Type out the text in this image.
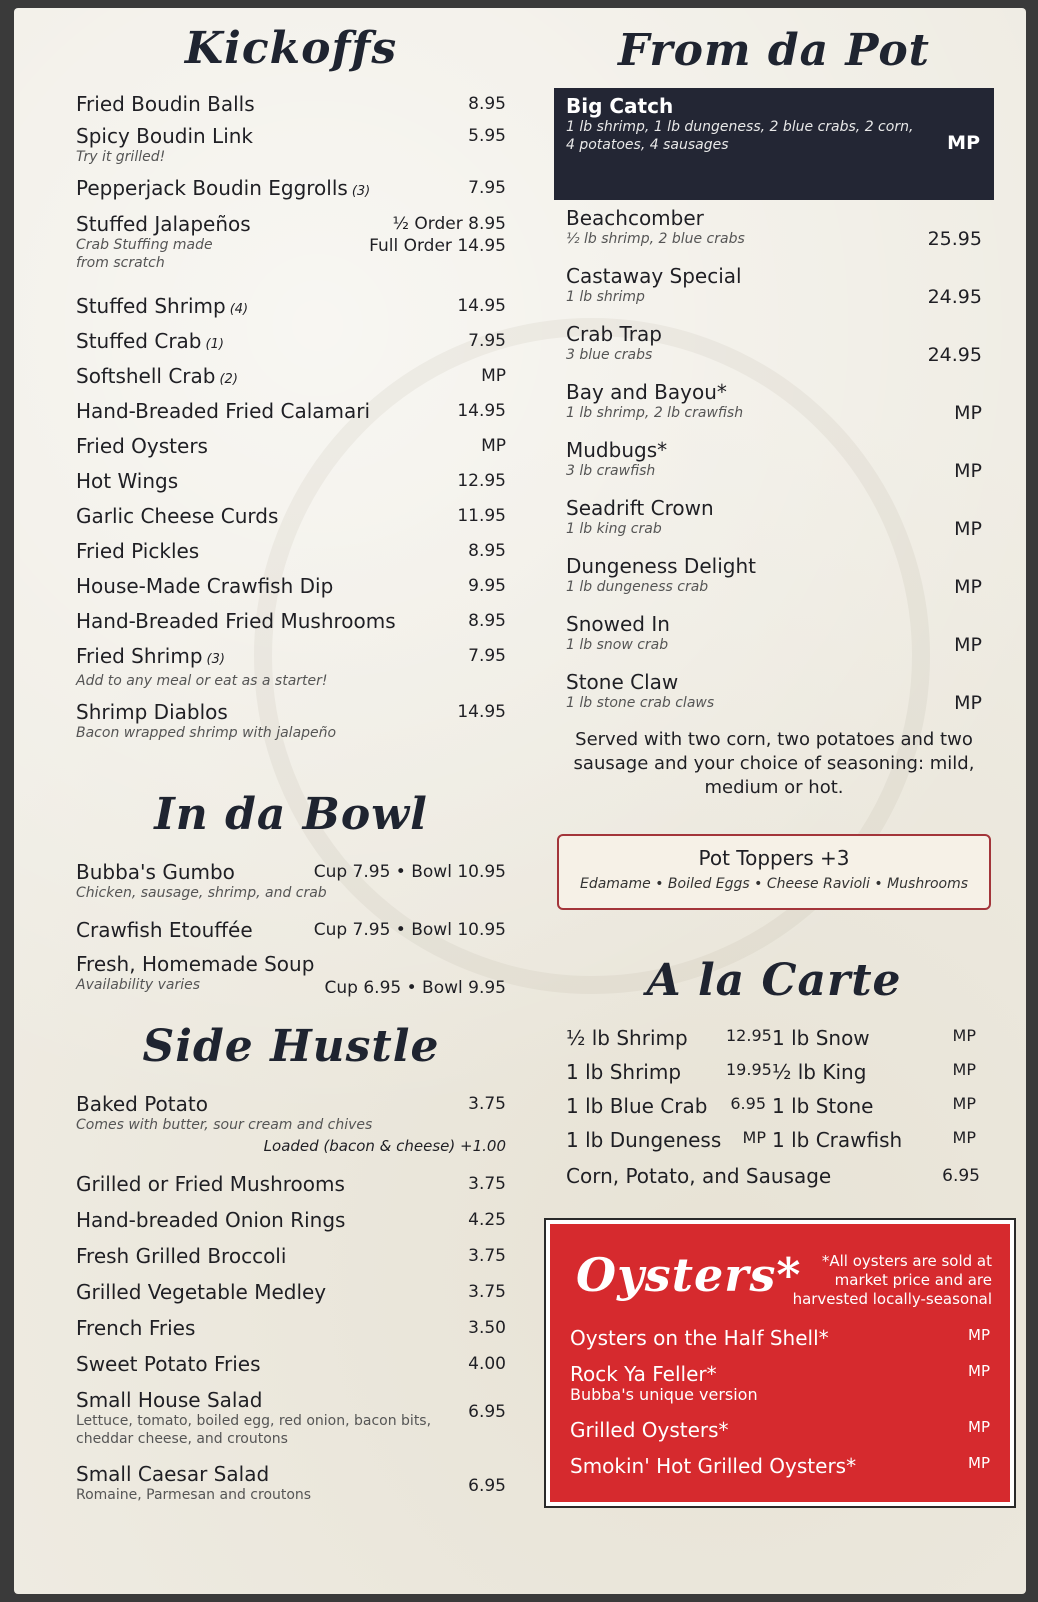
Kickoffs
Fried Boudin Balls	8.95
Spicy Boudin Link	5.95
Try it grilled!
Pepperjack Boudin Eggrolls (3)	7.95
Stuffed Jalapeños	½ Order 8.95
Crab Stuffing made
from scratch
Full Order 14.95
Stuffed Shrimp (4)	14.95
Stuffed Crab (1)	7.95
Softshell Crab (2)	MP
Hand-Breaded Fried Calamari	14.95
Fried Oysters	MP
Hot Wings	12.95
Garlic Cheese Curds	11.95
Fried Pickles	8.95
House-Made Crawfish Dip	9.95
Hand-Breaded Fried Mushrooms	8.95
Fried Shrimp (3)	7.95
Add to any meal or eat as a starter!
Shrimp Diablos	14.95
Bacon wrapped shrimp with jalapeño
In da Bowl
Bubba's Gumbo	Cup 7.95 • Bowl 10.95
Chicken, sausage, shrimp, and crab
Crawfish Etouffée	Cup 7.95 • Bowl 10.95
Fresh, Homemade Soup
Cup 6.95 • Bowl 9.95
Availability varies
Side Hustle
Baked Potato	3.75
Comes with butter, sour cream and chives
Loaded (bacon & cheese) +1.00
Grilled or Fried Mushrooms	3.75
Hand-breaded Onion Rings	4.25
Fresh Grilled Broccoli	3.75
Grilled Vegetable Medley	3.75
French Fries	3.50
Sweet Potato Fries	4.00
Small House Salad	6.95
Lettuce, tomato, boiled egg, red onion, bacon bits, cheddar cheese, and croutons
Small Caesar Salad	6.95
Romaine, Parmesan and croutons
From da Pot
Big Catch
1 lb shrimp, 1 lb dungeness, 2 blue crabs, 2 corn,
4 potatoes, 4 sausages	MP
Beachcomber
½ lb shrimp, 2 blue crabs	25.95
Castaway Special
1 lb shrimp	24.95
Crab Trap
3 blue crabs	24.95
Bay and Bayou*
1 lb shrimp, 2 lb crawfish	MP
Mudbugs*
3 lb crawfish	MP
Seadrift Crown
1 lb king crab	MP
Dungeness Delight
1 lb dungeness crab	MP
Snowed In
1 lb snow crab	MP
Stone Claw
1 lb stone crab claws	MP
Served with two corn, two potatoes and two sausage and your choice of seasoning: mild, medium or hot.
Pot Toppers +3
Edamame • Boiled Eggs • Cheese Ravioli • Mushrooms
A la Carte
½ lb Shrimp	12.95 1 lb Snow	MP
1 lb Shrimp	19.95 ½ lb King	MP
1 lb Blue Crab	6.95 1 lb Stone	MP
1 lb Dungeness	MP 1 lb Crawfish	MP
Corn, Potato, and Sausage	6.95
Oysters*	*All oysters are sold at market price and are harvested locally-seasonal
Oysters on the Half Shell*	MP
Rock Ya Feller*	MP
Bubba's unique version
Grilled Oysters*	MP
Smokin' Hot Grilled Oysters*	MP
